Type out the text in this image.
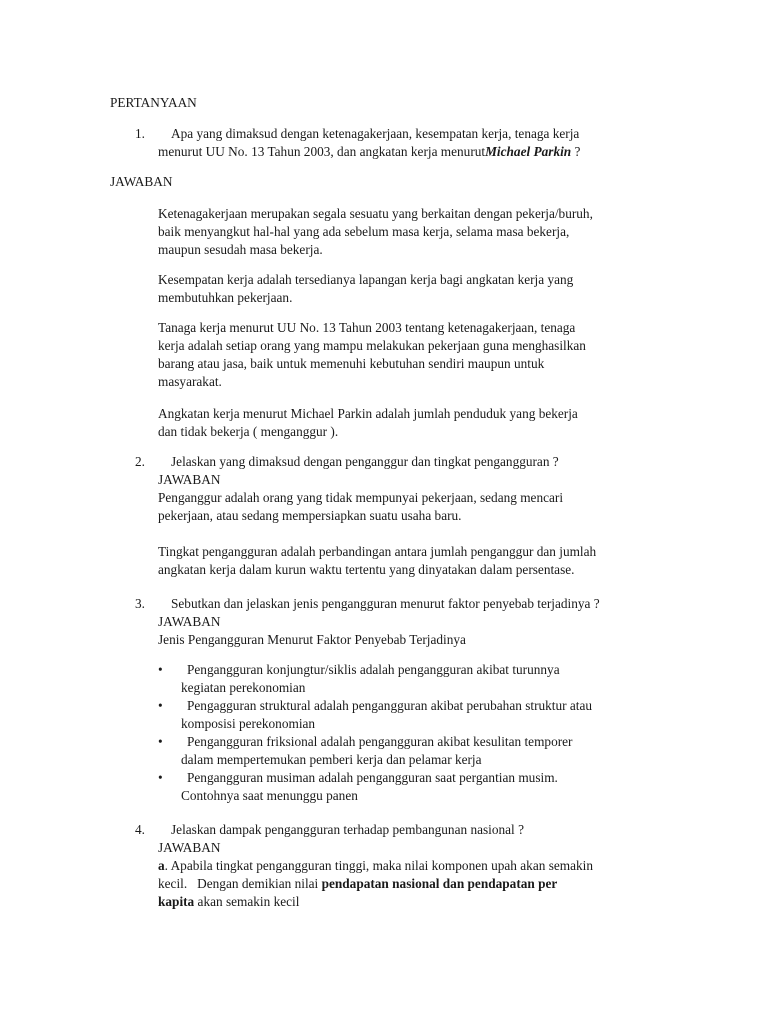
PERTANYAAN
1. Apa yang dimaksud dengan ketenagakerjaan, kesempatan kerja, tenaga kerja
menurut UU No. 13 Tahun 2003, dan angkatan kerja menurutMichael Parkin ?
JAWABAN

Ketenagakerjaan merupakan segala sesuatu yang berkaitan dengan pekerja/buruh,

baik menyangkut hal-hal yang ada sebelum masa kerja, selama masa bekerja,

maupun sesudah masa bekerja.

Kesempatan kerja adalah tersedianya lapangan kerja bagi angkatan kerja yang

membutuhkan pekerjaan.

Tanaga kerja menurut UU No. 13 Tahun 2003 tentang ketenagakerjaan, tenaga

kerja adalah setiap orang yang mampu melakukan pekerjaan guna menghasilkan

barang atau jasa, baik untuk memenuhi kebutuhan sendiri maupun untuk

masyarakat.

Angkatan kerja menurut Michael Parkin adalah jumlah penduduk yang bekerja

dan tidak bekerja ( menganggur ).

2. Jelaskan yang dimaksud dengan penganggur dan tingkat pengangguran ?

JAWABAN

Penganggur adalah orang yang tidak mempunyai pekerjaan, sedang mencari

pekerjaan, atau sedang mempersiapkan suatu usaha baru.

Tingkat pengangguran adalah perbandingan antara jumlah penganggur dan jumlah

angkatan kerja dalam kurun waktu tertentu yang dinyatakan dalam persentase.

3. Sebutkan dan jelaskan jenis pengangguran menurut faktor penyebab terjadinya ?

JAWABAN

Jenis Pengangguran Menurut Faktor Penyebab Terjadinya

• Pengangguran konjungtur/siklis adalah pengangguran akibat turunnya
kegiatan perekonomian
• Pengagguran struktural adalah pengangguran akibat perubahan struktur atau
komposisi perekonomian
• Pengangguran friksional adalah pengangguran akibat kesulitan temporer
dalam mempertemukan pemberi kerja dan pelamar kerja
• Pengangguran musiman adalah pengangguran saat pergantian musim.
Contohnya saat menunggu panen
4. Jelaskan dampak pengangguran terhadap pembangunan nasional ?

JAWABAN

a. Apabila tingkat pengangguran tinggi, maka nilai komponen upah akan semakin

kecil.   Dengan demikian nilai pendapatan nasional dan pendapatan per

kapita akan semakin kecil
